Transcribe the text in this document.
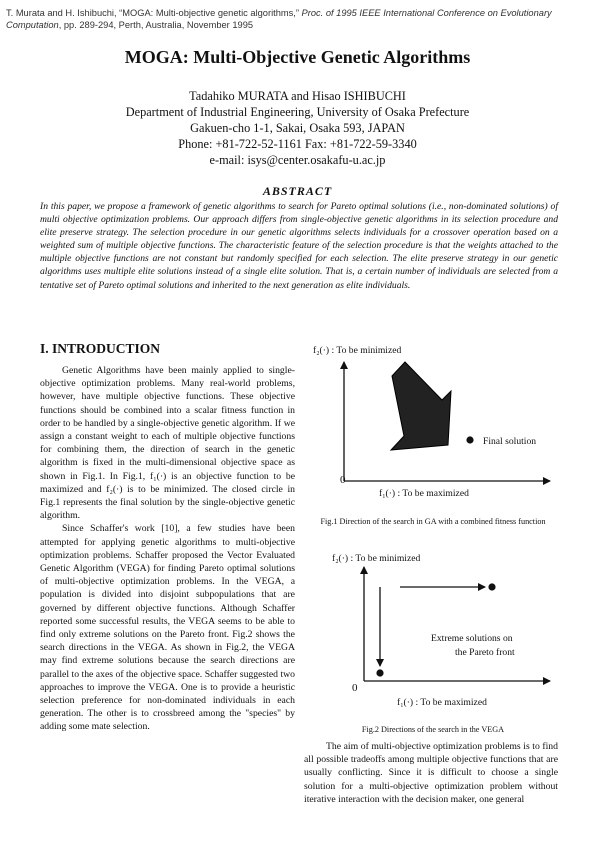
T. Murata and H. Ishibuchi, “MOGA: Multi-objective genetic algorithms,” Proc. of 1995 IEEE International Conference on Evolutionary Computation, pp. 289-294, Perth, Australia, November 1995
MOGA: Multi-Objective Genetic Algorithms
Tadahiko MURATA and Hisao ISHIBUCHI
Department of Industrial Engineering, University of Osaka Prefecture
Gakuen-cho 1-1, Sakai, Osaka 593, JAPAN
Phone: +81-722-52-1161 Fax: +81-722-59-3340
e-mail: isys@center.osakafu-u.ac.jp
ABSTRACT
In this paper, we propose a framework of genetic algorithms to search for Pareto optimal solutions (i.e., non-dominated solutions) of multi objective optimization problems. Our approach differs from single-objective genetic algorithms in its selection procedure and elite preserve strategy. The selection procedure in our genetic algorithms selects individuals for a crossover operation based on a weighted sum of multiple objective functions. The characteristic feature of the selection procedure is that the weights attached to the multiple objective functions are not constant but randomly specified for each selection. The elite preserve strategy in our genetic algorithms uses multiple elite solutions instead of a single elite solution. That is, a certain number of individuals are selected from a tentative set of Pareto optimal solutions and inherited to the next generation as elite individuals.
I. INTRODUCTION

Genetic Algorithms have been mainly applied to single-objective optimization problems. Many real-world problems, however, have multiple objective functions. These objective functions should be combined into a scalar fitness function in order to be handled by a single-objective genetic algorithm. If we assign a constant weight to each of multiple objective functions for combining them, the direction of search in the genetic algorithm is fixed in the multi-dimensional objective space as shown in Fig.1. In Fig.1, f₁(·) is an objective function to be maximized and f₂(·) is to be minimized. The closed circle in Fig.1 represents the final solution by the single-objective genetic algorithm.

Since Schaffer's work [10], a few studies have been attempted for applying genetic algorithms to multi-objective optimization problems. Schaffer proposed the Vector Evaluated Genetic Algorithm (VEGA) for finding Pareto optimal solutions of multi-objective optimization problems. In the VEGA, a population is divided into disjoint subpopulations that are governed by different objective functions. Although Schaffer reported some successful results, the VEGA seems to be able to find only extreme solutions on the Pareto front. Fig.2 shows the search directions in the VEGA. As shown in Fig.2, the VEGA may find extreme solutions because the search directions are parallel to the axes of the objective space. Schaffer suggested two approaches to improve the VEGA. One is to provide a heuristic selection preference for non-dominated individuals in each generation. The other is to crossbreed among the "species" by adding some mate selection.

f₂(·) : To be minimized
Final solution
0
f₁(·) : To be maximized
Fig.1 Direction of the search in GA with a combined fitness function
f₂(·) : To be minimized
Extreme solutions on
the Pareto front
0
f₁(·) : To be maximized
Fig.2 Directions of the search in the VEGA

The aim of multi-objective optimization problems is to find all possible tradeoffs among multiple objective functions that are usually conflicting. Since it is difficult to choose a single solution for a multi-objective optimization problem without iterative interaction with the decision maker, one general
